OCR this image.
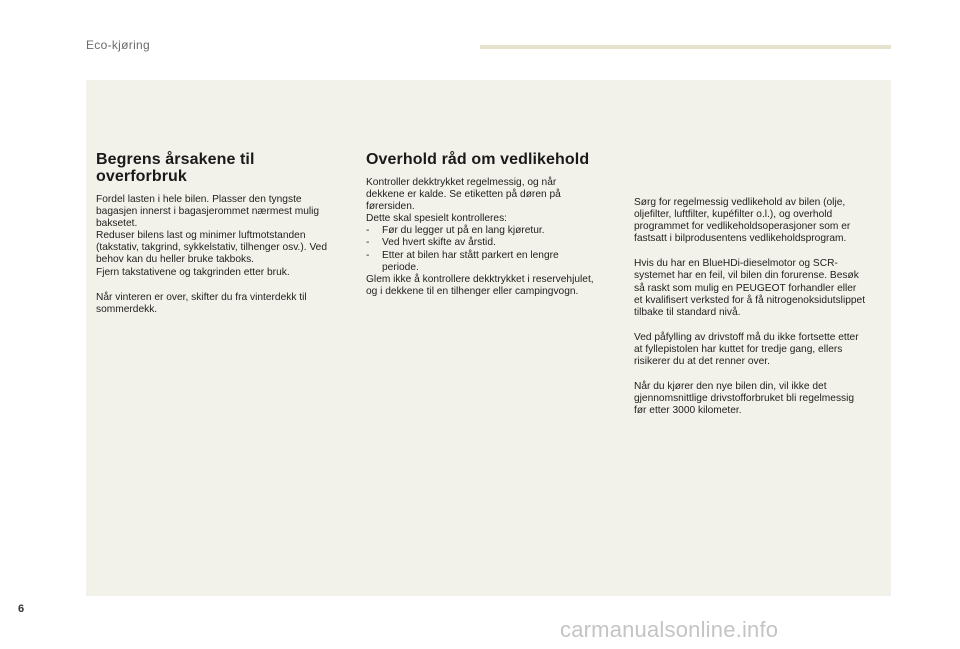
Eco-kjøring
Begrens årsakene til overforbruk

Fordel lasten i hele bilen. Plasser den tyngste
bagasjen innerst i bagasjerommet nærmest mulig
baksetet.
Reduser bilens last og minimer luftmotstanden
(takstativ, takgrind, sykkelstativ, tilhenger osv.). Ved
behov kan du heller bruke takboks.
Fjern takstativene og takgrinden etter bruk.

Når vinteren er over, skifter du fra vinterdekk til
sommerdekk.

Overhold råd om vedlikehold

Kontroller dekktrykket regelmessig, og når
dekkene er kalde. Se etiketten på døren på
førersiden.
Dette skal spesielt kontrolleres:

- Før du legger ut på en lang kjøretur.

- Ved hvert skifte av årstid.

- Etter at bilen har stått parkert en lengre
periode.

Glem ikke å kontrollere dekktrykket i reservehjulet,
og i dekkene til en tilhenger eller campingvogn.

Sørg for regelmessig vedlikehold av bilen (olje,
oljefilter, luftfilter, kupéfilter o.l.), og overhold
programmet for vedlikeholdsoperasjoner som er
fastsatt i bilprodusentens vedlikeholdsprogram.

Hvis du har en BlueHDi-dieselmotor og SCR-
systemet har en feil, vil bilen din forurense. Besøk
så raskt som mulig en PEUGEOT forhandler eller
et kvalifisert verksted for å få nitrogenoksidutslippet
tilbake til standard nivå.

Ved påfylling av drivstoff må du ikke fortsette etter
at fyllepistolen har kuttet for tredje gang, ellers
risikerer du at det renner over.

Når du kjører den nye bilen din, vil ikke det
gjennomsnittlige drivstofforbruket bli regelmessig
før etter 3000 kilometer.

6
carmanualsonline.info
